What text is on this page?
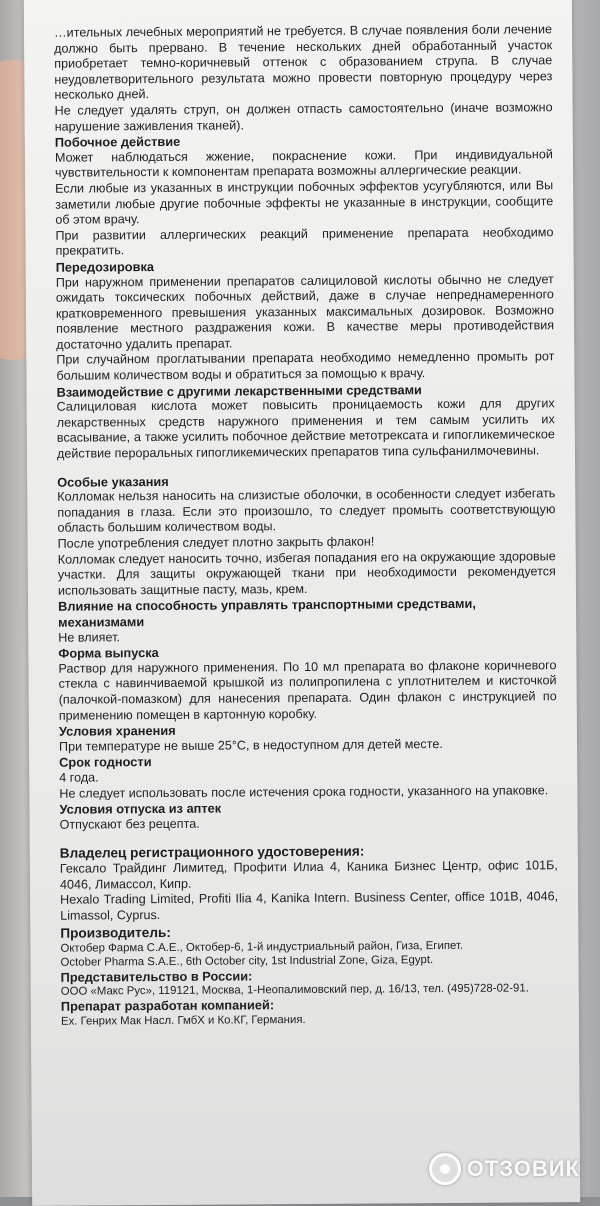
…ительных лечебных мероприятий не требуется. В случае появления боли лечение должно быть прервано. В течение нескольких дней обработанный участок приобретает темно-коричневый оттенок с образованием струпа. В случае неудовлетворительного результата можно провести повторную процедуру через несколько дней.

Не следует удалять струп, он должен отпасть самостоятельно (иначе возможно нарушение заживления тканей).

Побочное действие

Может наблюдаться жжение, покраснение кожи. При индивидуальной чувствительности к компонентам препарата возможны аллергические реакции.

Если любые из указанных в инструкции побочных эффектов усугубляются, или Вы заметили любые другие побочные эффекты не указанные в инструкции, сообщите об этом врачу.

При развитии аллергических реакций применение препарата необходимо прекратить.

Передозировка

При наружном применении препаратов салициловой кислоты обычно не следует ожидать токсических побочных действий, даже в случае непреднамеренного кратковременного превышения указанных максимальных дозировок. Возможно появление местного раздражения кожи. В качестве меры противодействия достаточно удалить препарат.

При случайном проглатывании препарата необходимо немедленно промыть рот большим количеством воды и обратиться за помощью к врачу.

Взаимодействие с другими лекарственными средствами

Салициловая кислота может повысить проницаемость кожи для других лекарственных средств наружного применения и тем самым усилить их всасывание, а также усилить побочное действие метотрексата и гипогликемическое действие пероральных гипогликемических препаратов типа сульфанилмочевины.

Особые указания

Колломак нельзя наносить на слизистые оболочки, в особенности следует избегать попадания в глаза. Если это произошло, то следует промыть соответствующую область большим количеством воды.

После употребления следует плотно закрыть флакон!

Колломак следует наносить точно, избегая попадания его на окружающие здоровые участки. Для защиты окружающей ткани при необходимости рекомендуется использовать защитные пасту, мазь, крем.

Влияние на способность управлять транспортными средствами, механизмами

Не влияет.

Форма выпуска

Раствор для наружного применения. По 10 мл препарата во флаконе коричневого стекла с навинчиваемой крышкой из полипропилена с уплотнителем и кисточкой (палочкой-помазком) для нанесения препарата. Один флакон с инструкцией по применению помещен в картонную коробку.

Условия хранения

При температуре не выше 25°С, в недоступном для детей месте.

Срок годности

4 года.

Не следует использовать после истечения срока годности, указанного на упаковке.

Условия отпуска из аптек

Отпускают без рецепта.

Владелец регистрационного удостоверения:

Гексало Трайдинг Лимитед, Профити Илиа 4, Каника Бизнес Центр, офис 101Б, 4046, Лимассол, Кипр.

Hexalo Trading Limited, Profiti Ilia 4, Kanika Intern. Business Center, office 101B, 4046, Limassol, Cyprus.

Производитель:

Октобер Фарма С.А.Е., Октобер-6, 1-й индустриальный район, Гиза, Египет.

October Pharma S.A.E., 6th October city, 1st Industrial Zone, Giza, Egypt.

Представительство в России:

ООО «Макс Рус», 119121, Москва, 1-Неопалимовский пер, д. 16/13, тел. (495)728-02-91.

Препарат разработан компанией:

Ех. Генрих Мак Насл. ГмбХ и Ко.КГ, Германия.

ОТЗОВИК
